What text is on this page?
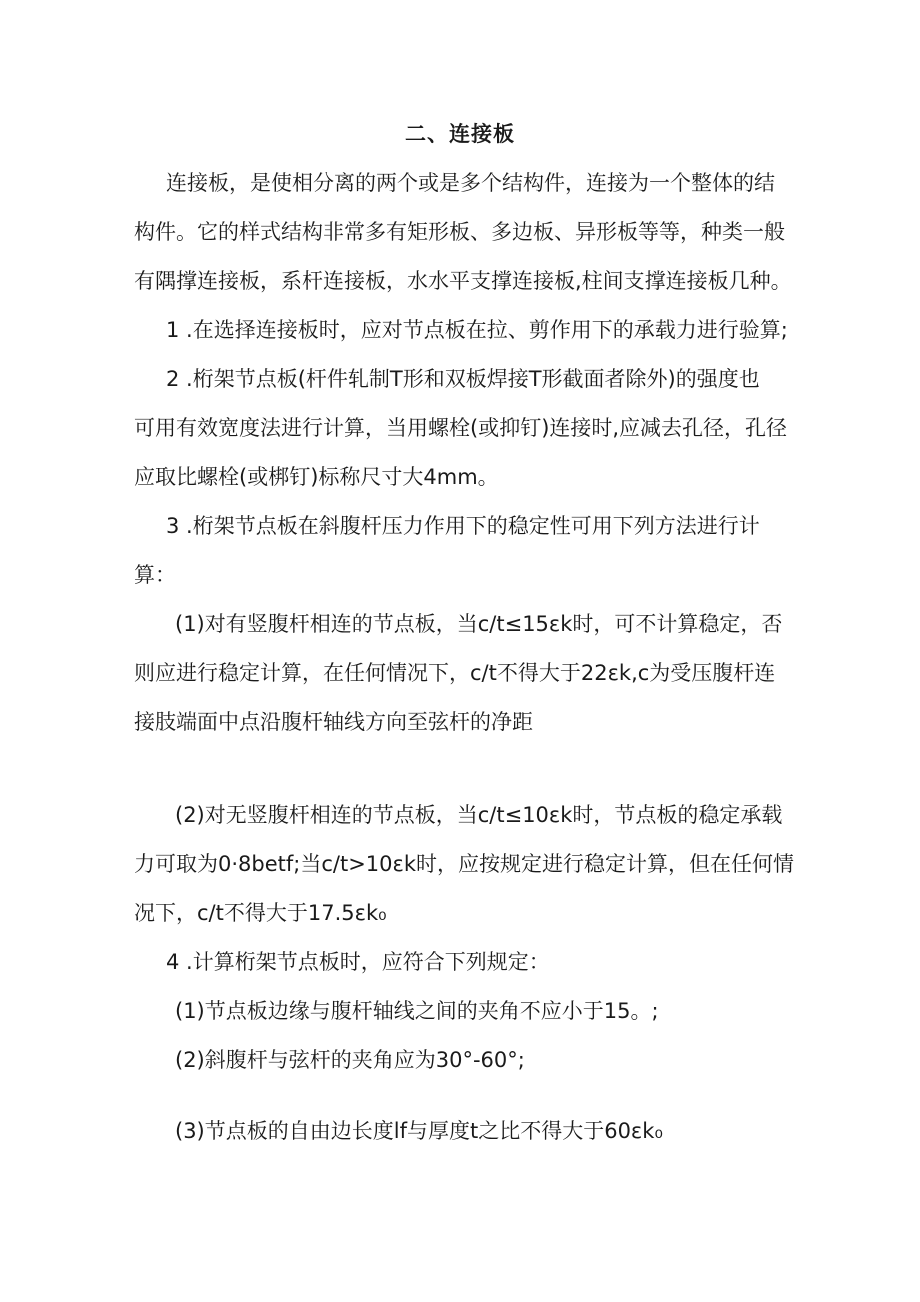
二、连接板
连接板，是使相分离的两个或是多个结构件，连接为一个整体的结
构件。它的样式结构非常多有矩形板、多边板、异形板等等，种类一般
有隅撑连接板，系杆连接板，水水平支撑连接板,柱间支撑连接板几种。
1 .在选择连接板时，应对节点板在拉、剪作用下的承载力进行验算;
2 .桁架节点板(杆件轧制T形和双板焊接T形截面者除外)的强度也
可用有效宽度法进行计算，当用螺栓(或抑钉)连接时,应减去孔径，孔径
应取比螺栓(或梆钉)标称尺寸大4mm。
3 .桁架节点板在斜腹杆压力作用下的稳定性可用下列方法进行计
算：
(1)对有竖腹杆相连的节点板，当c/t≤15εk时，可不计算稳定，否
则应进行稳定计算，在任何情况下，c/t不得大于22εk,c为受压腹杆连
接肢端面中点沿腹杆轴线方向至弦杆的净距
(2)对无竖腹杆相连的节点板，当c/t≤10εk时，节点板的稳定承载
力可取为0·8betf;当c/t>10εk时，应按规定进行稳定计算，但在任何情
况下，c/t不得大于17.5εk₀
4 .计算桁架节点板时，应符合下列规定：
(1)节点板边缘与腹杆轴线之间的夹角不应小于15。;
(2)斜腹杆与弦杆的夹角应为30°-60°;
(3)节点板的自由边长度lf与厚度t之比不得大于60εk₀
